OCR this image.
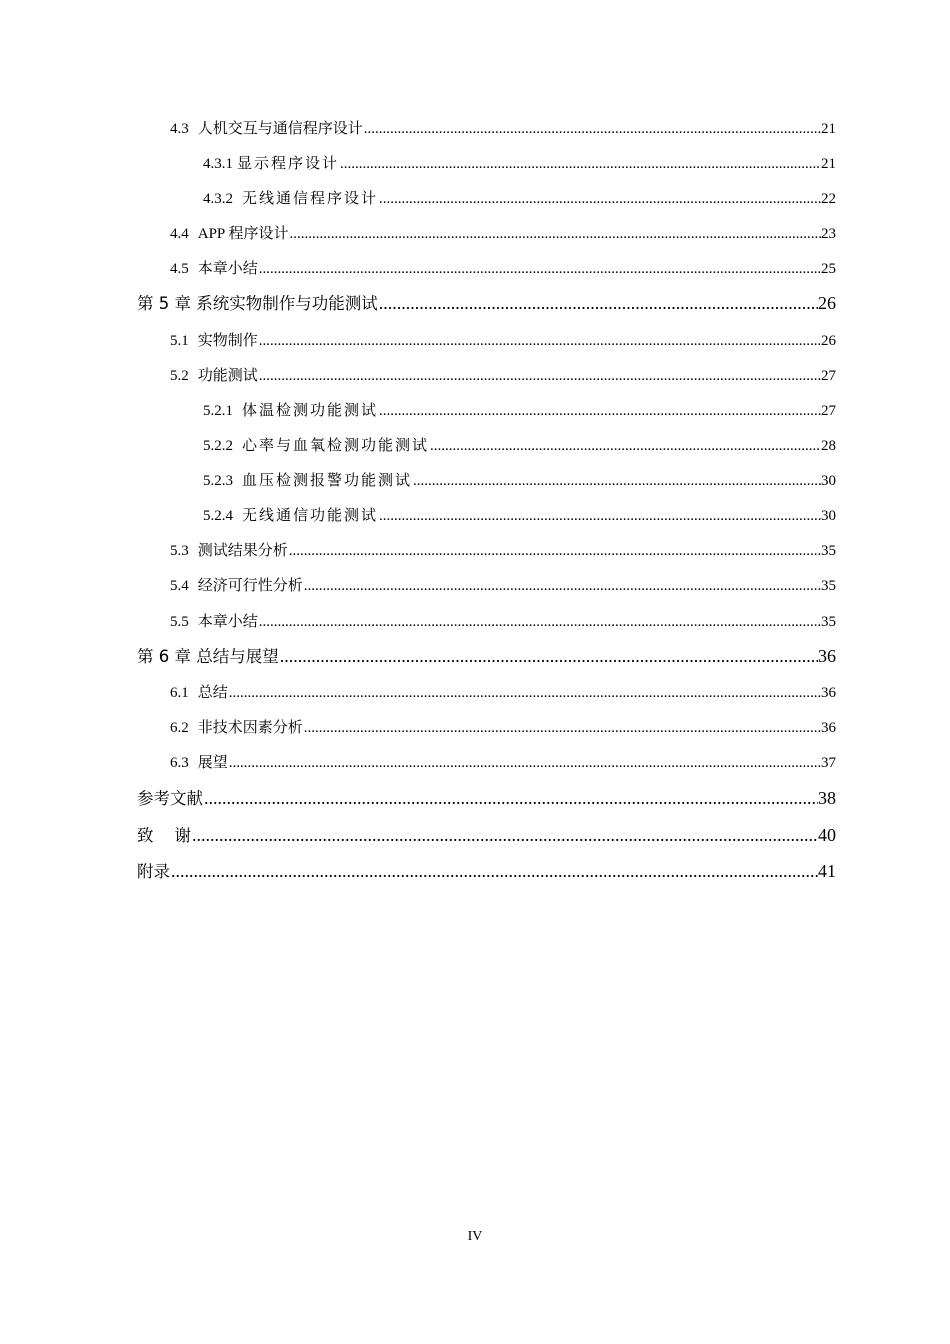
4.3 人机交互与通信程序设计 .....	21
4.3.1 显示程序设计 .....	21
4.3.2 无线通信程序设计 .....	22
4.4 APP 程序设计 .....	23
4.5 本章小结 .....	25
第 5 章 系统实物制作与功能测试 .....	26
5.1 实物制作 .....	26
5.2 功能测试 .....	27
5.2.1 体温检测功能测试 .....	27
5.2.2 心率与血氧检测功能测试 .....	28
5.2.3 血压检测报警功能测试 .....	30
5.2.4 无线通信功能测试 .....	30
5.3 测试结果分析 .....	35
5.4 经济可行性分析 .....	35
5.5 本章小结 .....	35
第 6 章 总结与展望 .....	36
6.1 总结 .....	36
6.2 非技术因素分析 .....	36
6.3 展望 .....	37
参考文献 .....	38
致    谢 .....	40
附录 .....	41
IV
